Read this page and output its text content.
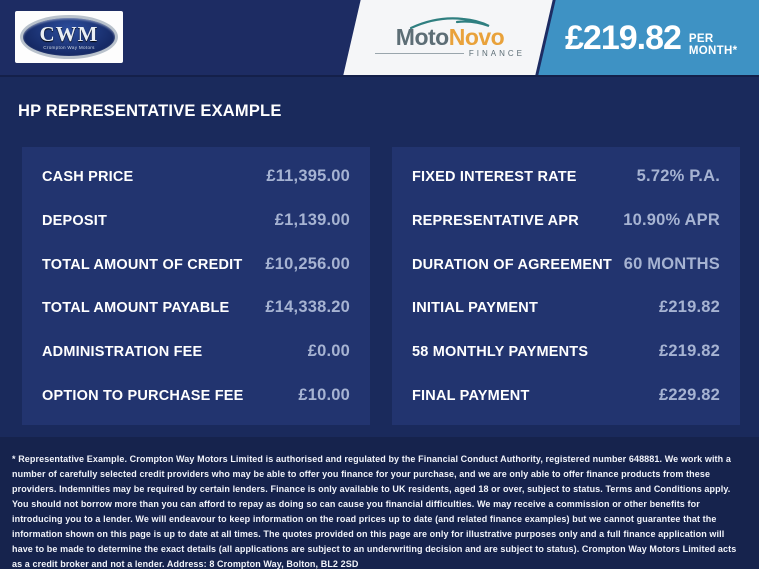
CWM
Crompton Way Motors	MotoNovo
FINANCE £219.82 PER MONTH*
HP REPRESENTATIVE EXAMPLE
CASH PRICE	£11,395.00
DEPOSIT	£1,139.00
TOTAL AMOUNT OF CREDIT £10,256.00
TOTAL AMOUNT PAYABLE £14,338.20
ADMINISTRATION FEE	£0.00
OPTION TO PURCHASE FEE	£10.00
FIXED INTEREST RATE	5.72% P.A.
REPRESENTATIVE APR	10.90% APR
DURATION OF AGREEMENT 60 MONTHS
INITIAL PAYMENT	£219.82
58 MONTHLY PAYMENTS	£219.82
FINAL PAYMENT	£229.82

* Representative Example. Crompton Way Motors Limited is authorised and regulated by the Financial Conduct Authority, registered number 648881. We work with a number of carefully selected credit providers who may be able to offer you finance for your purchase, and we are only able to offer finance products from these providers. Indemnities may be required by certain lenders. Finance is only available to UK residents, aged 18 or over, subject to status. Terms and Conditions apply. You should not borrow more than you can afford to repay as doing so can cause you financial difficulties. We may receive a commission or other benefits for introducing you to a lender. We will endeavour to keep information on the road prices up to date (and related finance examples) but we cannot guarantee that the information shown on this page is up to date at all times. The quotes provided on this page are only for illustrative purposes only and a full finance application will have to be made to determine the exact details (all applications are subject to an underwriting decision and are subject to status). Crompton Way Motors Limited acts as a credit broker and not a lender. Address: 8 Crompton Way, Bolton, BL2 2SD
